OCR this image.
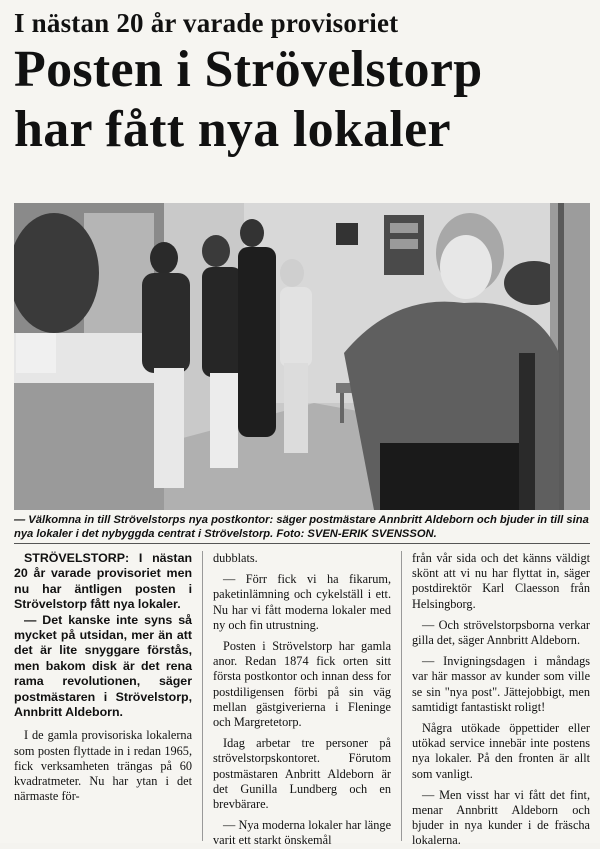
I nästan 20 år varade provisoriet
Posten i Strövelstorp
har fått nya lokaler
— Välkomna in till Strövelstorps nya postkontor: säger postmästare Annbritt Aldeborn och bjuder in till sina nya lokaler i det nybyggda centrat i Strövelstorp. Foto: SVEN-ERIK SVENSSON.

STRÖVELSTORP: I nästan 20 år varade provisoriet men nu har äntligen posten i Strövelstorp fått nya lokaler.

— Det kanske inte syns så mycket på utsidan, mer än att det är lite snyggare förstås, men bakom disk är det rena rama revolutionen, säger postmästaren i Strövelstorp, Annbritt Aldeborn.

I de gamla provisoriska lokalerna som posten flyttade in i redan 1965, fick verksamheten trängas på 60 kvadratmeter. Nu har ytan i det närmaste för-

dubblats.

— Förr fick vi ha fikarum, paketinlämning och cykelställ i ett. Nu har vi fått moderna lokaler med ny och fin utrustning.

Posten i Strövelstorp har gamla anor. Redan 1874 fick orten sitt första postkontor och innan dess for postdiligensen förbi på sin väg mellan gästgiverierna i Fleninge och Margretetorp.

Idag arbetar tre personer på strövelstorpskontoret. Förutom postmästaren Anbritt Aldeborn är det Gunilla Lundberg och en brevbärare.

— Nya moderna lokaler har länge varit ett starkt önskemål

från vår sida och det känns väldigt skönt att vi nu har flyttat in, säger postdirektör Karl Claesson från Helsingborg.

— Och strövelstorpsborna verkar gilla det, säger Annbritt Aldeborn.

— Invigningsdagen i måndags var här massor av kunder som ville se sin "nya post". Jättejobbigt, men samtidigt fantastiskt roligt!

Några utökade öppettider eller utökad service innebär inte postens nya lokaler. På den fronten är allt som vanligt.

— Men visst har vi fått det fint, menar Annbritt Aldeborn och bjuder in nya kunder i de fräscha lokalerna.
